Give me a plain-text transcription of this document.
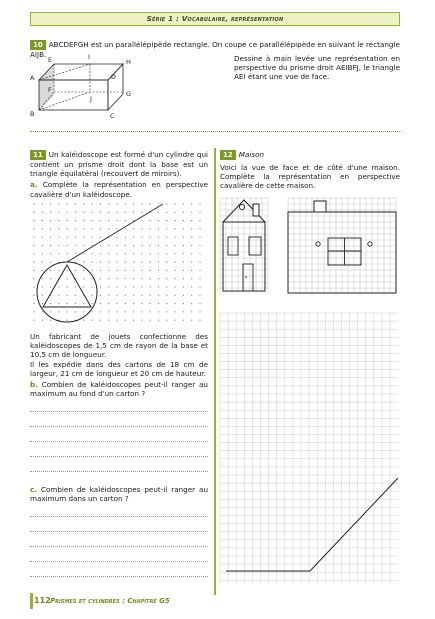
Série 1 : Vocabulaire, représentation
10 ABCDEFGH est un parallélépipède rectangle. On coupe ce parallélépipède en suivant le rectangle AIJB.	Dessine à main levée une représentation en perspective du prisme droit AEIBFJ, le triangle AEI étant une vue de face.
E	I
H
A	D
F	G
J
B	C
11 Un kaléidoscope est formé d'un cylindre qui contient un prisme droit dont la base est un triangle équilatéral (recouvert de miroirs).
a. Complète la représentation en perspective cavalière d'un kaléidoscope.
Un fabricant de jouets confectionne des kaléidoscopes de 1,5 cm de rayon de la base et 10,5 cm de longueur.
Il les expédie dans des cartons de 18 cm de largeur, 21 cm de longueur et 20 cm de hauteur.
b. Combien de kaléidoscopes peut-il ranger au maximum au fond d'un carton ?
c. Combien de kaléidoscopes peut-il ranger au maximum dans un carton ?
12 Maison
Voici la vue de face et de côté d'une maison. Complète la représentation en perspective cavalière de cette maison.
112 Prismes et cylindres : Chapitre G5
